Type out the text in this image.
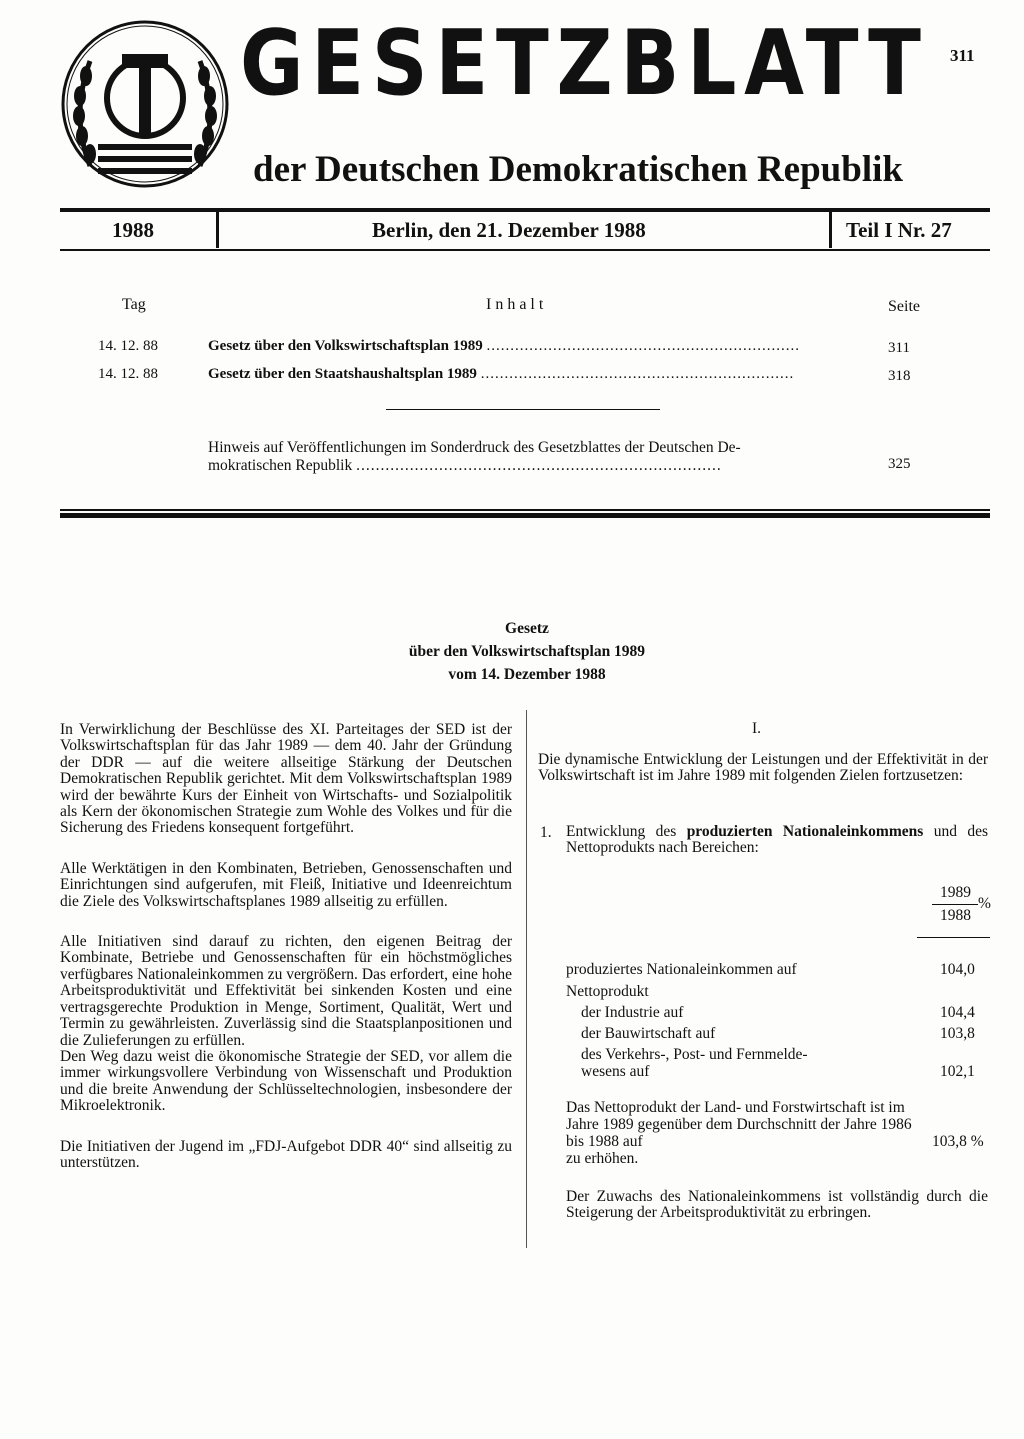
GESETZBLATT
der Deutschen Demokratischen Republik
311
1988	Berlin, den 21. Dezember 1988	Teil I Nr. 27
Tag	I n h a l t	Seite
14. 12. 88	Gesetz über den Volkswirtschaftsplan 1989 ..................................................................	311
14. 12. 88	Gesetz über den Staatshaushaltsplan 1989 ..................................................................	318
Hinweis auf Veröffentlichungen im Sonderdruck des Gesetzblattes der Deutschen De-
mokratischen Republik ...........................................................................	325
Gesetz
über den Volkswirtschaftsplan 1989
vom 14. Dezember 1988

In Verwirklichung der Beschlüsse des XI. Parteitages der SED ist der Volkswirtschaftsplan für das Jahr 1989 — dem 40. Jahr der Gründung der DDR — auf die weitere allseitige Stärkung der Deutschen Demokratischen Republik gerichtet. Mit dem Volkswirtschaftsplan 1989 wird der bewährte Kurs der Einheit von Wirtschafts- und Sozialpolitik als Kern der ökonomischen Strategie zum Wohle des Volkes und für die Sicherung des Friedens konsequent fortgeführt.

Alle Werktätigen in den Kombinaten, Betrieben, Genossenschaften und Einrichtungen sind aufgerufen, mit Fleiß, Initiative und Ideenreichtum die Ziele des Volkswirtschaftsplanes 1989 allseitig zu erfüllen.

Alle Initiativen sind darauf zu richten, den eigenen Beitrag der Kombinate, Betriebe und Genossenschaften für ein höchstmögliches verfügbares Nationaleinkommen zu vergrößern. Das erfordert, eine hohe Arbeitsproduktivität und Effektivität bei sinkenden Kosten und eine vertragsgerechte Produktion in Menge, Sortiment, Qualität, Wert und Termin zu gewährleisten. Zuverlässig sind die Staatsplanpositionen und die Zulieferungen zu erfüllen.

Den Weg dazu weist die ökonomische Strategie der SED, vor allem die immer wirkungsvollere Verbindung von Wissenschaft und Produktion und die breite Anwendung der Schlüsseltechnologien, insbesondere der Mikroelektronik.

Die Initiativen der Jugend im „FDJ-Aufgebot DDR 40“ sind allseitig zu unterstützen.

I.
Die dynamische Entwicklung der Leistungen und der Effektivität in der Volkswirtschaft ist im Jahre 1989 mit folgenden Zielen fortzusetzen:
1. Entwicklung des produzierten Nationaleinkommens und des Nettoprodukts nach Bereichen:
1989
1988
%
produziertes Nationaleinkommen auf	104,0
Nettoprodukt
der Industrie auf	104,4
der Bauwirtschaft auf	103,8
des Verkehrs-, Post- und Fernmelde-
wesens auf	102,1
Das Nettoprodukt der Land- und Forstwirtschaft ist im
Jahre 1989 gegenüber dem Durchschnitt der Jahre 1986
bis 1988 auf	103,8 %
zu erhöhen.
Der Zuwachs des Nationaleinkommens ist vollständig durch die Steigerung der Arbeitsproduktivität zu erbringen.
